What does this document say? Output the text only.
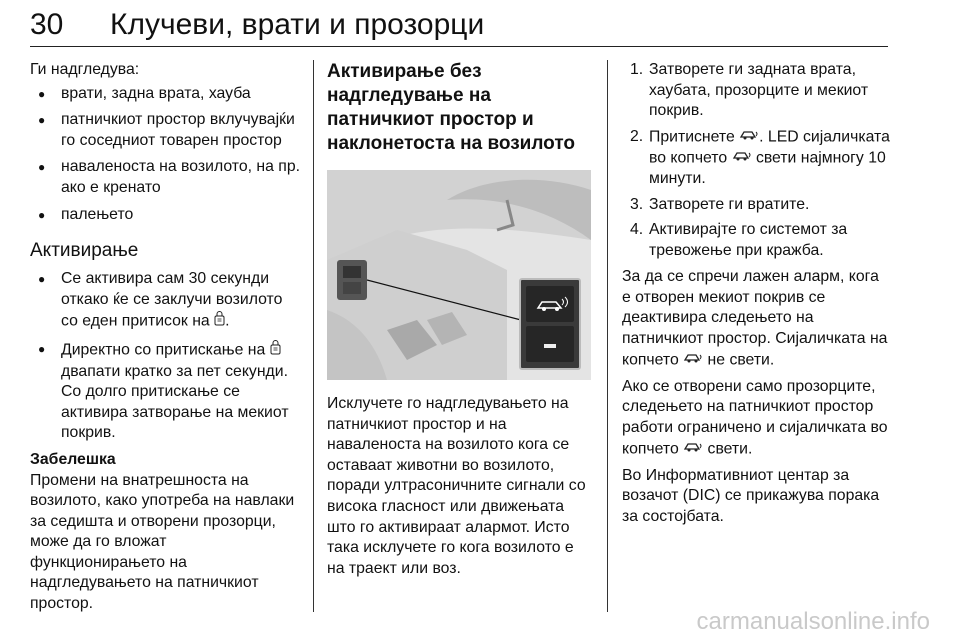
30 Клучеви, врати и прозорци

Ги надгледува:

● врати, задна врата, хауба
● патничкиот простор вклучувајќи го соседниот товарен простор
● наваленоста на возилото, на пр. ако е кренато
● палењето

Активирање

● Се активира сам 30 секунди откако ќе се заклучи возилото со еден притисок на .
● Директно со притискање на  двапати кратко за пет секунди. Со долго притискање се активира затворање на мекиот покрив.

Забелешка

Промени на внатрешноста на возилото, како употреба на навлаки за седишта и отворени прозорци, може да го вложат функционирањето на надгледувањето на патничкиот простор.

Активирање без надгледување на патничкиот простор и наклонетоста на возилото

Исклучете го надгледувањето на патничкиот простор и на наваленоста на возилото кога се оставаат животни во возилото, поради ултрасоничните сигнали со висока гласност или движењата што го активираат алармот. Исто така исклучете го кога возилото е на траект или воз.

1. Затворете ги задната врата, хаубата, прозорците и мекиот покрив.
2. Притиснете . LED сијаличката во копчето свети најмногу 10 минути.
3. Затворете ги вратите.
4. Активирајте го системот за тревожење при кражба.

За да се спречи лажен аларм, кога е отворен мекиот покрив се деактивира следењето на патничкиот простор. Сијаличката на копчето не свети.

Ако се отворени само прозорците, следењето на патничкиот простор работи ограничено и сијаличката во копчето свети.

Во Информативниот центар за возачот (DIC) се прикажува порака за состојбата.

carmanualsonline.info
